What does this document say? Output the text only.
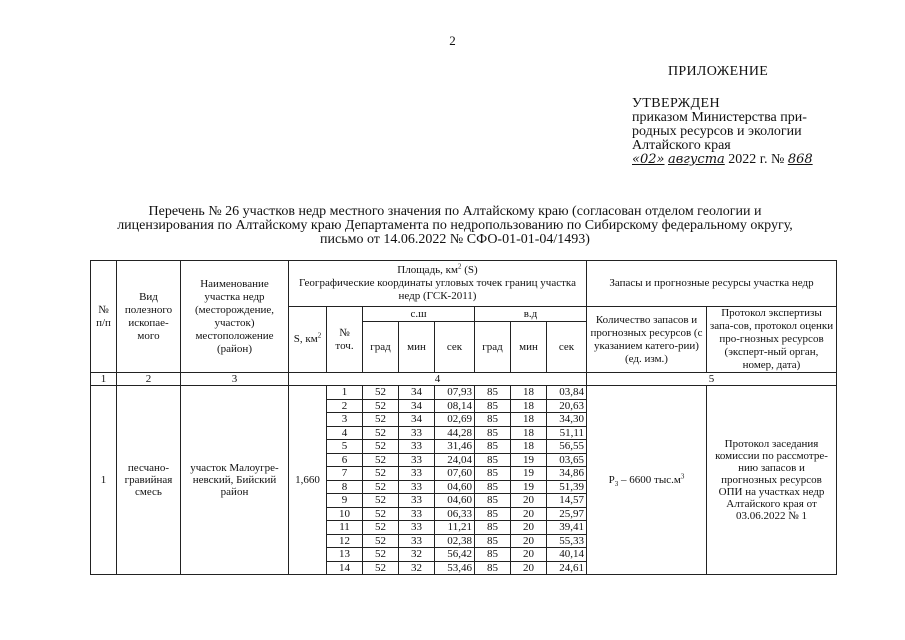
2
ПРИЛОЖЕНИЕ
УТВЕРЖДЕН
приказом Министерства при-
родных ресурсов и экологии
Алтайского края
«02» августа 2022 г. № 868
Перечень № 26 участков недр местного значения по Алтайскому краю (согласован отделом геологии и
лицензирования по Алтайскому краю Департамента по недропользованию по Сибирскому федеральному округу,
письмо от 14.06.2022 № СФО-01-01-04/1493)
№ п/п	Вид полезного ископае-мого	Наименование участка недр (месторождение, участок) местоположение (район)	Площадь, $км^2$ (S)
Географические координаты угловых точек границ участка недр (ГСК-2011)								Запасы и прогнозные ресурсы участка недр	
			S, $км^2$	№ точ.	с.ш			в.д			Количество запасов и прогнозных ресурсов (с указанием катего-рии) (ед. изм.)	Протокол экспертизы запа-сов, протокол оценки про-гнозных ресурсов (эксперт-ный орган, номер, дата)
					град	мин	сек	град	мин	сек		
1	2	3	4								5	
1	песчано-гравийная смесь	участок Малоугре-невский, Бийский район	1,660	1	52	34	07,93	85	18	03,84	$P_3 - 6600$ $тыс.м^3$	Протокол заседания комиссии по рассмотре-нию запасов и прогнозных ресурсов ОПИ на участках недр Алтайского края от 03.06.2022 № 1
				2	52	34	08,14	85	18	20,63		
				3	52	34	02,69	85	18	34,30		
				4	52	33	44,28	85	18	51,11		
				5	52	33	31,46	85	18	56,55		
				6	52	33	24,04	85	19	03,65		
				7	52	33	07,60	85	19	34,86		
				8	52	33	04,60	85	19	51,39		
				9	52	33	04,60	85	20	14,57		
				10	52	33	06,33	85	20	25,97		
				11	52	33	11,21	85	20	39,41		
				12	52	33	02,38	85	20	55,33		
				13	52	32	56,42	85	20	40,14		
				14	52	32	53,46	85	20	24,61		
